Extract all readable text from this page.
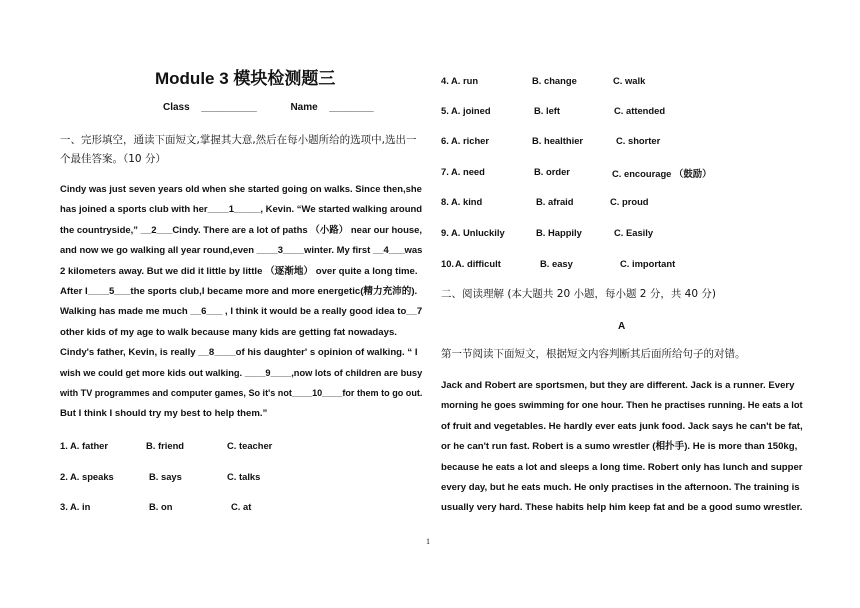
Module 3 模块检测题三
Class __________	Name ________
一、完形填空，通读下面短文,掌握其大意,然后在每小题所给的选项中,选出一
个最佳答案。（10 分）
Cindy was just seven years old when she started going on walks. Since then,she
has joined a sports club with her____1_____, Kevin. “We started walking around
the countryside,” __2___Cindy. There are a lot of paths （小路） near our house,
and now we go walking all year round,even ____3____winter. My first __4___was
2 kilometers away. But we did it little by little （逐渐地） over quite a long time.
After I____5___the sports club,I became more and more energetic(精力充沛的).
Walking has made me much __6___ , I think it would be a really good idea to__7
other kids of my age to walk because many kids are getting fat nowadays.
Cindy's father, Kevin, is really __8____of his daughter' s opinion of walking. “ I
wish we could get more kids out walking. ____9____,now lots of children are busy
with TV programmes and computer games, So it's not____10____for them to go out.
But I think I should try my best to help them.”
1. A. father	B. friend	C. teacher
2. A. speaks	B. says	C. talks
3. A. in	B. on	C. at
4. A. run	B. change	C. walk
5. A. joined	B. left	C. attended
6. A. richer	B. healthier	C. shorter
7. A. need	B. order	C. encourage （鼓励）
8. A. kind	B. afraid	C. proud
9. A. Unluckily	B. Happily	C. Easily
10. A. difficult	B. easy	C. important
二、阅读理解 (本大题共 20 小题，每小题 2 分，共 40 分)
A
第一节阅读下面短文，根据短文内容判断其后面所给句子的对错。
Jack and Robert are sportsmen, but they are different. Jack is a runner. Every
morning he goes swimming for one hour. Then he practises running. He eats a lot
of fruit and vegetables. He hardly ever eats junk food. Jack says he can't be fat,
or he can't run fast. Robert is a sumo wrestler (相扑手). He is more than 150kg,
because he eats a lot and sleeps a long time. Robert only has lunch and supper
every day, but he eats much. He only practises in the afternoon. The training is
usually very hard. These habits help him keep fat and be a good sumo wrestler.
1
